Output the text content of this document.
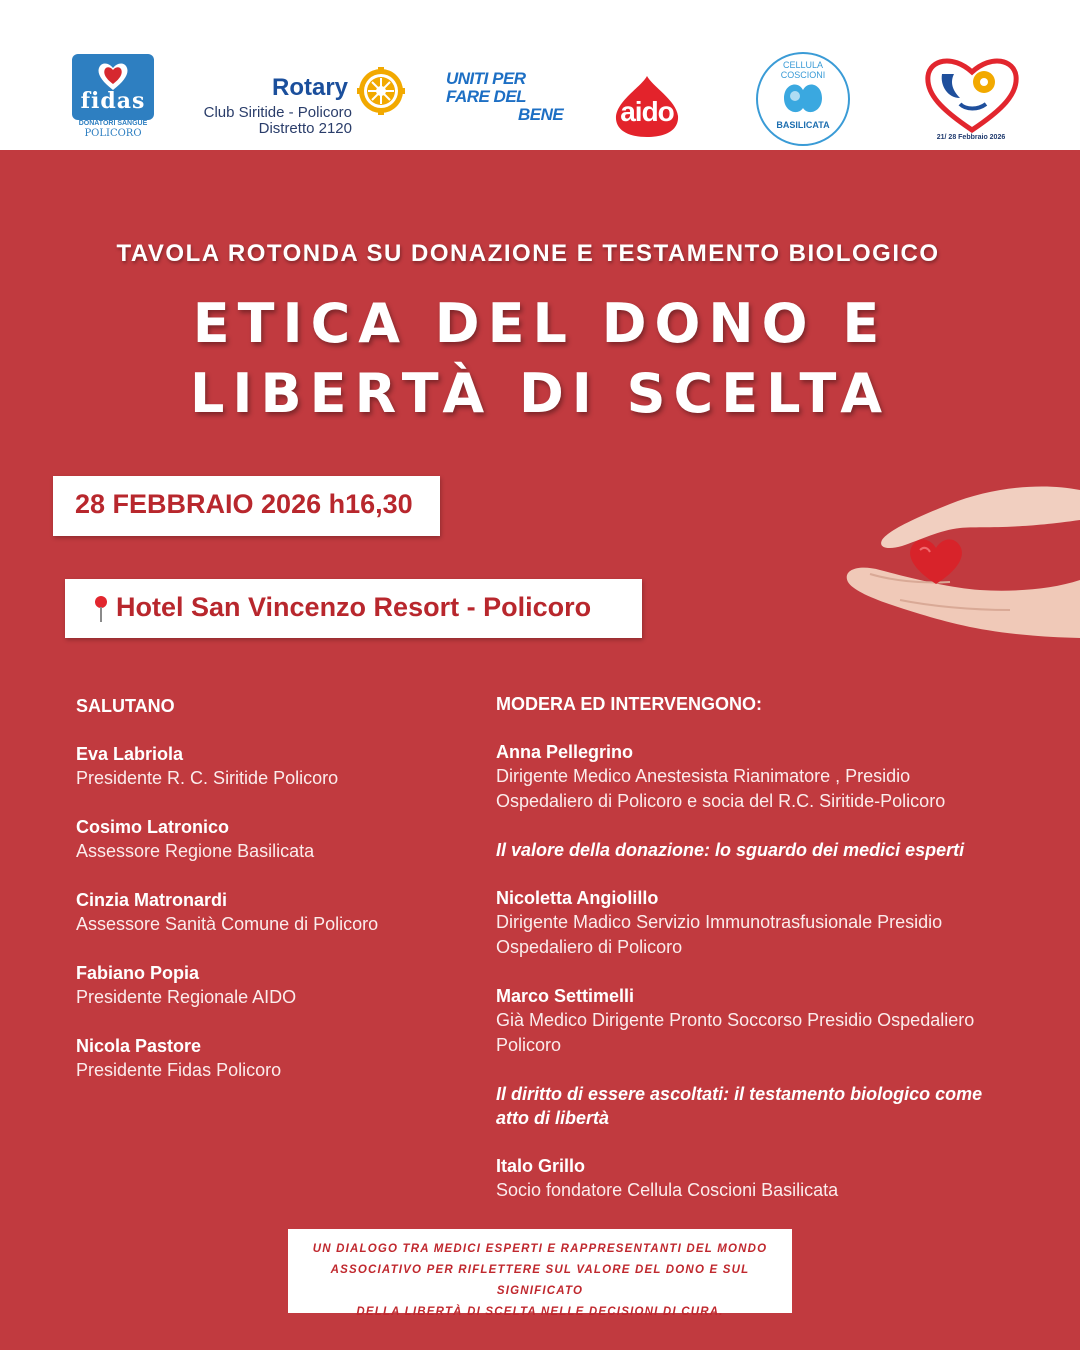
fidas
DONATORI SANGUE
POLICORO
Rotary
Club Siritide - Policoro
Distretto 2120
UNITI PER
FARE DEL
BENE aido
CELLULA COSCIONI
BASILICATA
21/ 28 Febbraio 2026
TAVOLA ROTONDA SU DONAZIONE E TESTAMENTO BIOLOGICO
ETICA DEL DONO E
LIBERTÀ DI SCELTA
28 FEBBRAIO 2026 h16,30
Hotel San Vincenzo Resort - Policoro
SALUTANO
Eva Labriola
Presidente R. C. Siritide Policoro
Cosimo Latronico
Assessore Regione Basilicata
Cinzia Matronardi
Assessore Sanità Comune di Policoro
Fabiano Popia
Presidente Regionale AIDO
Nicola Pastore
Presidente Fidas Policoro
MODERA ED INTERVENGONO:
Anna Pellegrino
Dirigente Medico Anestesista Rianimatore , Presidio
Ospedaliero di Policoro e socia del R.C. Siritide-Policoro
Il valore della donazione: lo sguardo dei medici esperti
Nicoletta Angiolillo
Dirigente Madico Servizio Immunotrasfusionale Presidio
Ospedaliero di Policoro
Marco Settimelli
Già Medico Dirigente Pronto Soccorso Presidio Ospedaliero
Policoro
Il diritto di essere ascoltati: il testamento biologico come
atto di libertà
Italo Grillo
Socio fondatore Cellula Coscioni Basilicata

UN DIALOGO TRA MEDICI ESPERTI E RAPPRESENTANTI DEL MONDO
ASSOCIATIVO PER RIFLETTERE SUL VALORE DEL DONO E SUL SIGNIFICATO
DELLA LIBERTÀ DI SCELTA NELLE DECISIONI DI CURA.
